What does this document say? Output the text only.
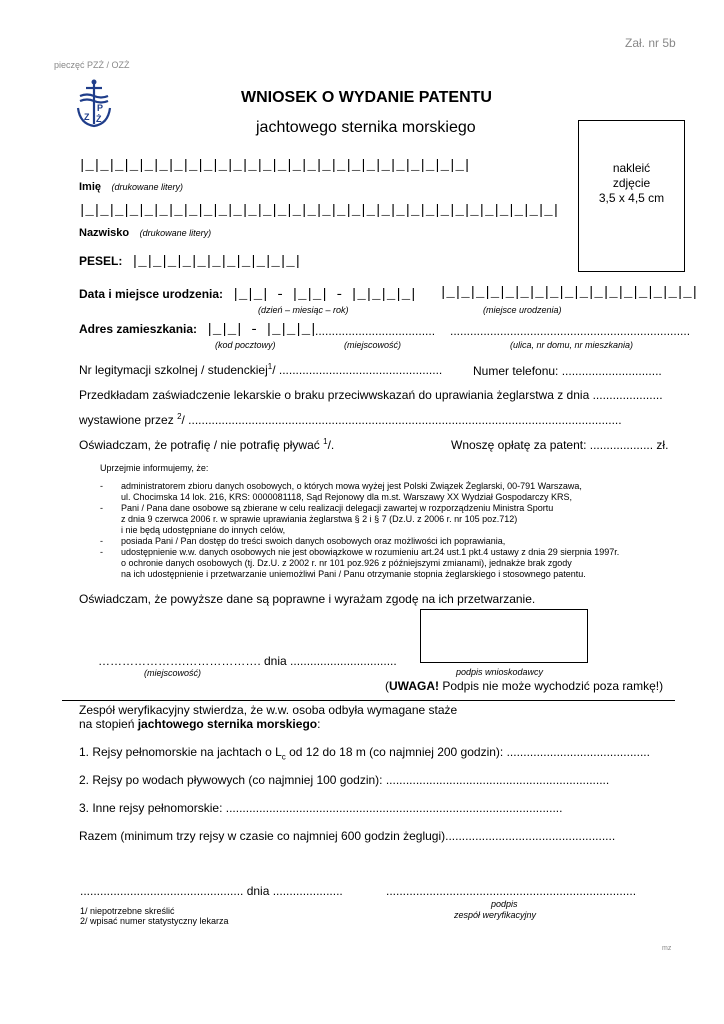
Zał. nr 5b
pieczęć PZŻ / OZŻ
P
Z Ż
WNIOSEK O WYDANIE PATENTU
jachtowego sternika morskiego
nakleić
zdjęcie
3,5 x 4,5 cm
|_|_|_|_|_|_|_|_|_|_|_|_|_|_|_|_|_|_|_|_|_|_|_|_|_|_|
Imię (drukowane litery)
|_|_|_|_|_|_|_|_|_|_|_|_|_|_|_|_|_|_|_|_|_|_|_|_|_|_|_|_|_|_|_|_|
Nazwisko (drukowane litery)
PESEL: |_|_|_|_|_|_|_|_|_|_|_|
Data i miejsce urodzenia: |_|_| - |_|_| - |_|_|_|_| |_|_|_|_|_|_|_|_|_|_|_|_|_|_|_|_|_|
(dzień – miesiąc – rok)	(miejsce urodzenia)
Adres zamieszkania: |_|_| - |_|_|_|
.................................... ........................................................................
(kod pocztowy)	(miejscowość)	(ulica, nr domu, nr mieszkania)
Nr legitymacji szkolnej / studenckiej$^1$/ .................................................	Numer telefonu: ..............................
Przedkładam zaświadczenie lekarskie o braku przeciwwskazań do uprawiania żeglarstwa z dnia .....................
wystawione przez $^2$/ ..................................................................................................................................
Oświadczam, że potrafię / nie potrafię pływać $^1$/.	Wnoszę opłatę za patent: ................... zł.
Uprzejmie informujemy, że:
- administratorem zbioru danych osobowych, o których mowa wyżej jest Polski Związek Żeglarski, 00-791 Warszawa,
ul. Chocimska 14 lok. 216, KRS: 0000081118, Sąd Rejonowy dla m.st. Warszawy XX Wydział Gospodarczy KRS,
- Pani / Pana dane osobowe są zbierane w celu realizacji delegacji zawartej w rozporządzeniu Ministra Sportu
z dnia 9 czerwca 2006 r. w sprawie uprawiania żeglarstwa § 2 i § 7 (Dz.U. z 2006 r. nr 105 poz.712)
i nie będą udostępniane do innych celów,
- posiada Pani / Pan dostęp do treści swoich danych osobowych oraz możliwości ich poprawiania,
- udostępnienie w.w. danych osobowych nie jest obowiązkowe w rozumieniu art.24 ust.1 pkt.4 ustawy z dnia 29 sierpnia 1997r.
o ochronie danych osobowych (tj. Dz.U. z 2002 r. nr 101 poz.926 z późniejszymi zmianami), jednakże brak zgody
na ich udostępnienie i przetwarzanie uniemożliwi Pani / Panu otrzymanie stopnia żeglarskiego i stosownego patentu.
Oświadczam, że powyższe dane są poprawne i wyrażam zgodę na ich przetwarzanie.
………………….………………. dnia ................................
(miejscowość)	podpis wnioskodawcy
(UWAGA! Podpis nie może wychodzić poza ramkę!)
Zespół weryfikacyjny stwierdza, że w.w. osoba odbyła wymagane staże
na stopień jachtowego sternika morskiego:
1. Rejsy pełnomorskie na jachtach o $L_c$ od 12 do 18 m (co najmniej 200 godzin): ...........................................
2. Rejsy po wodach pływowych (co najmniej 100 godzin): ...................................................................
3. Inne rejsy pełnomorskie: .....................................................................................................
Razem (minimum trzy rejsy w czasie co najmniej 600 godzin żeglugi)...................................................
................................................. dnia .....................	...........................................................................
podpis
zespół weryfikacyjny
1/ niepotrzebne skreślić
2/ wpisać numer statystyczny lekarza
mz
